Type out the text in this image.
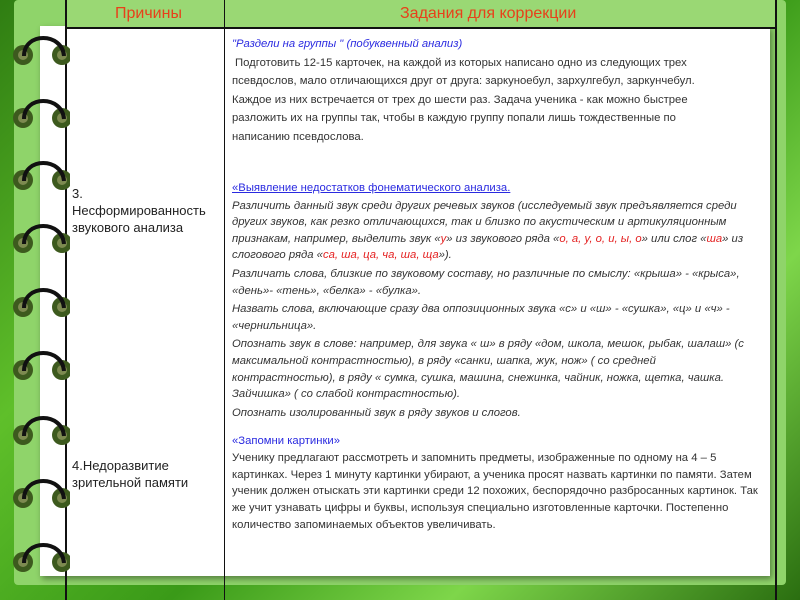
Причины	Задания для коррекции
3. Несформированность звукового анализа
4.Недоразвитие зрительной памяти

"Раздели на группы " (побуквенный анализ)

Подготовить 12-15 карточек, на каждой из которых написано одно из следующих трех псевдослов, мало отличающихся друг от друга: заркуноебул, зархулгебул, заркунчебул. Каждое из них встречается от трех до шести раз. Задача ученика - как можно быстрее разложить их на группы так, чтобы в каждую группу попали лишь тождественные по написанию псевдослова.

«Выявление недостатков фонематического анализа.

Различить данный звук среди других речевых звуков (исследуемый звук предъявляется среди других звуков, как резко отличающихся, так и близко по акустическим и артикуляционным признакам, например, выделить звук «у» из звукового ряда «о, а, у, о, и, ы, о» или слог «ша» из слогового ряда «са, ша, ца, ча, ша, ща»).

Различать слова, близкие по звуковому составу, но различные по смыслу: «крыша» - «крыса», «день»- «тень», «белка» - «булка».

Назвать слова, включающие сразу два оппозиционных звука «с» и «ш» - «сушка», «ц» и «ч» - «чернильница».

Опознать звук в слове: например, для звука « ш» в ряду «дом, школа, мешок, рыбак, шалаш» (с максимальной контрастностью), в ряду «санки, шапка, жук, нож» ( со средней контрастностью), в ряду « сумка, сушка, машина, снежинка, чайник, ножка, щетка, чашка. Зайчишка» ( со слабой контрастностью).

Опознать изолированный звук в ряду звуков и слогов.

«Запомни картинки»

Ученику предлагают рассмотреть и запомнить предметы, изображенные по одному на 4 – 5 картинках. Через 1 минуту картинки убирают, а ученика просят назвать картинки по памяти. Затем ученик должен отыскать эти картинки среди 12 похожих, беспорядочно разбросанных картинок. Так же учит узнавать цифры и буквы, используя специально изготовленные карточки. Постепенно количество запоминаемых объектов увеличивать.
